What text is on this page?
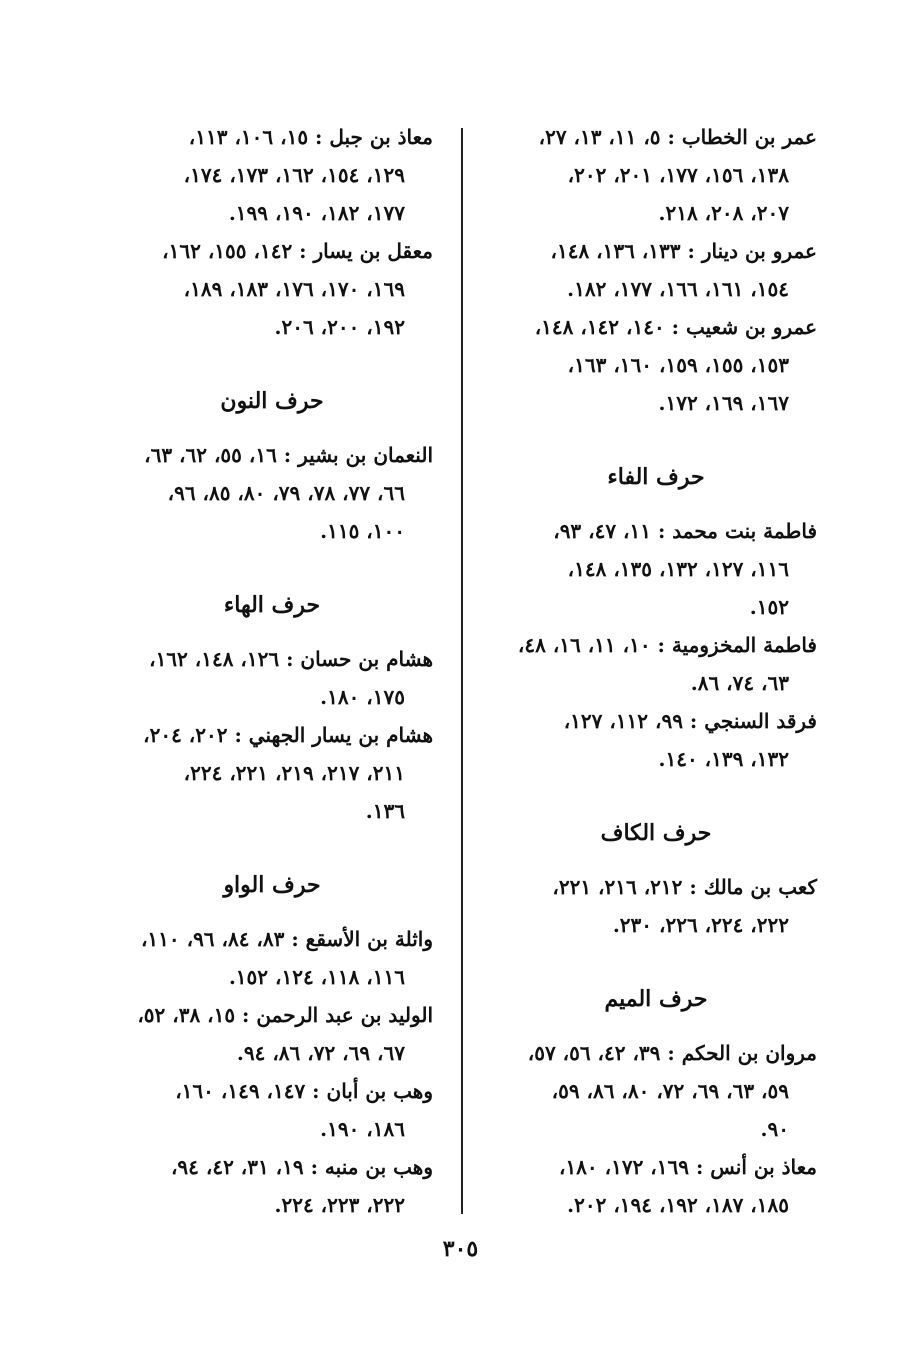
عمر بن الخطاب : ٥، ١١، ١٣، ٢٧،
١٣٨، ١٥٦، ١٧٧، ٢٠١، ٢٠٢،
٢٠٧، ٢٠٨، ٢١٨.
عمرو بن دينار : ١٣٣، ١٣٦، ١٤٨،
١٥٤، ١٦١، ١٦٦، ١٧٧، ١٨٢.
عمرو بن شعيب : ١٤٠، ١٤٢، ١٤٨،
١٥٣، ١٥٥، ١٥٩، ١٦٠، ١٦٣،
١٦٧، ١٦٩، ١٧٢.
حرف الفاء
فاطمة بنت محمد : ١١، ٤٧، ٩٣،
١١٦، ١٢٧، ١٣٢، ١٣٥، ١٤٨،
١٥٢.
فاطمة المخزومية : ١٠، ١١، ١٦، ٤٨،
٦٣، ٧٤، ٨٦.
فرقد السنجي : ٩٩، ١١٢، ١٢٧،
١٣٢، ١٣٩، ١٤٠.
حرف الكاف
كعب بن مالك : ٢١٢، ٢١٦، ٢٢١،
٢٢٢، ٢٢٤، ٢٢٦، ٢٣٠.
حرف الميم
مروان بن الحكم : ٣٩، ٤٢، ٥٦، ٥٧،
٥٩، ٦٣، ٦٩، ٧٢، ٨٠، ٨٦، ٥٩،
٩٠.
معاذ بن أنس : ١٦٩، ١٧٢، ١٨٠،
١٨٥، ١٨٧، ١٩٢، ١٩٤، ٢٠٢.
معاذ بن جبل : ١٥، ١٠٦، ١١٣،
١٢٩، ١٥٤، ١٦٢، ١٧٣، ١٧٤،
١٧٧، ١٨٢، ١٩٠، ١٩٩.
معقل بن يسار : ١٤٢، ١٥٥، ١٦٢،
١٦٩، ١٧٠، ١٧٦، ١٨٣، ١٨٩،
١٩٢، ٢٠٠، ٢٠٦.
حرف النون
النعمان بن بشير : ١٦، ٥٥، ٦٢، ٦٣،
٦٦، ٧٧، ٧٨، ٧٩، ٨٠، ٨٥، ٩٦،
١٠٠، ١١٥.
حرف الهاء
هشام بن حسان : ١٢٦، ١٤٨، ١٦٢،
١٧٥، ١٨٠.
هشام بن يسار الجهني : ٢٠٢، ٢٠٤،
٢١١، ٢١٧، ٢١٩، ٢٢١، ٢٢٤،
١٣٦.
حرف الواو
واثلة بن الأسقع : ٨٣، ٨٤، ٩٦، ١١٠،
١١٦، ١١٨، ١٢٤، ١٥٢.
الوليد بن عبد الرحمن : ١٥، ٣٨، ٥٢،
٦٧، ٦٩، ٧٢، ٨٦، ٩٤.
وهب بن أبان : ١٤٧، ١٤٩، ١٦٠،
١٨٦، ١٩٠.
وهب بن منبه : ١٩، ٣١، ٤٢، ٩٤،
٢٢٢، ٢٢٣، ٢٢٤.
٣٠٥
